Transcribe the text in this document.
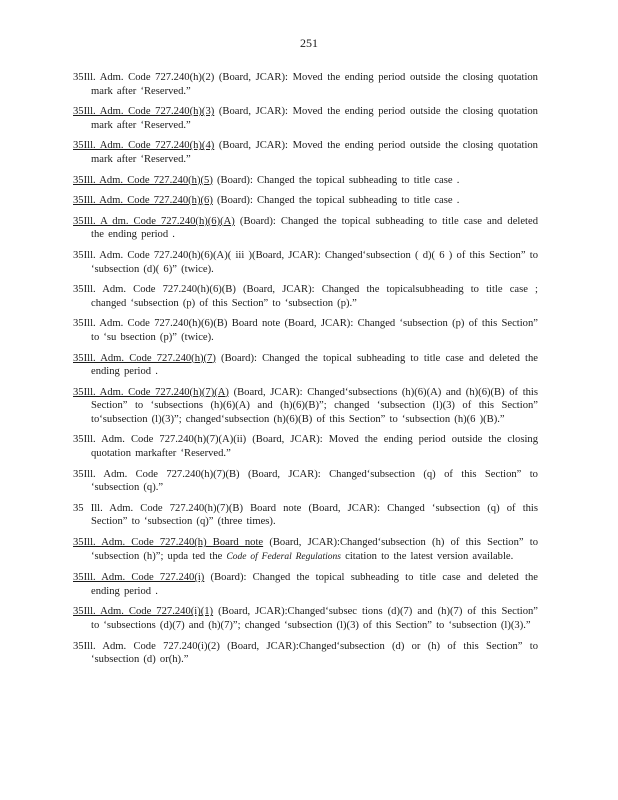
251

35Ill. Adm. Code 727.240(h)(2) (Board, JCAR): Moved the ending period outside the closing quotation mark after ‘Reserved.”

35Ill. Adm. Code 727.240(h)(3) (Board, JCAR): Moved the ending period outside the closing quotation mark after ‘Reserved.”

35Ill. Adm. Code 727.240(h)(4) (Board, JCAR): Moved the ending period outside the closing quotation mark after ‘Reserved.”

35Ill. Adm. Code 727.240(h)(5) (Board): Changed the topical subheading to title case .

35Ill. Adm. Code 727.240(h)(6) (Board): Changed the topical subheading to title case .

35Ill. A dm. Code 727.240(h)(6)(A) (Board): Changed the topical subheading to title case and deleted the ending period .

35Ill. Adm. Code 727.240(h)(6)(A)( iii )(Board, JCAR): Changed‘subsection ( d)( 6 ) of this Section” to ‘subsection (d)( 6)” (twice).

35Ill. Adm. Code 727.240(h)(6)(B) (Board, JCAR): Changed the topicalsubheading to title case ; changed ‘subsection (p) of this Section” to ‘subsection (p).”

35Ill. Adm. Code 727.240(h)(6)(B) Board note (Board, JCAR): Changed ‘subsection (p) of this Section” to ‘su bsection (p)” (twice).

35Ill. Adm. Code 727.240(h)(7) (Board): Changed the topical subheading to title case and deleted the ending period .

35Ill. Adm. Code 727.240(h)(7)(A) (Board, JCAR): Changed‘subsections (h)(6)(A) and (h)(6)(B) of this Section” to ‘subsections (h)(6)(A) and (h)(6)(B)”; changed ‘subsection (l)(3) of this Section” to‘subsection (l)(3)”; changed‘subsection (h)(6)(B) of this Section” to ‘subsection (h)(6 )(B).”

35Ill. Adm. Code 727.240(h)(7)(A)(ii) (Board, JCAR): Moved the ending period outside the closing quotation markafter ‘Reserved.”

35Ill. Adm. Code 727.240(h)(7)(B) (Board, JCAR): Changed‘subsection (q) of this Section” to ‘subsection (q).”

35 Ill. Adm. Code 727.240(h)(7)(B) Board note (Board, JCAR): Changed ‘subsection (q) of this Section” to ‘subsection (q)” (three times).

35Ill. Adm. Code 727.240(h) Board note (Board, JCAR):Changed‘subsection (h) of this Section” to ‘subsection (h)”; upda ted the Code of Federal Regulations citation to the latest version available.

35Ill. Adm. Code 727.240(i) (Board): Changed the topical subheading to title case and deleted the ending period .

35Ill. Adm. Code 727.240(i)(1) (Board, JCAR):Changed‘subsec tions (d)(7) and (h)(7) of this Section” to ‘subsections (d)(7) and (h)(7)”; changed ‘subsection (l)(3) of this Section” to ‘subsection (l)(3).”

35Ill. Adm. Code 727.240(i)(2) (Board, JCAR):Changed‘subsection (d) or (h) of this Section” to ‘subsection (d) or(h).”
